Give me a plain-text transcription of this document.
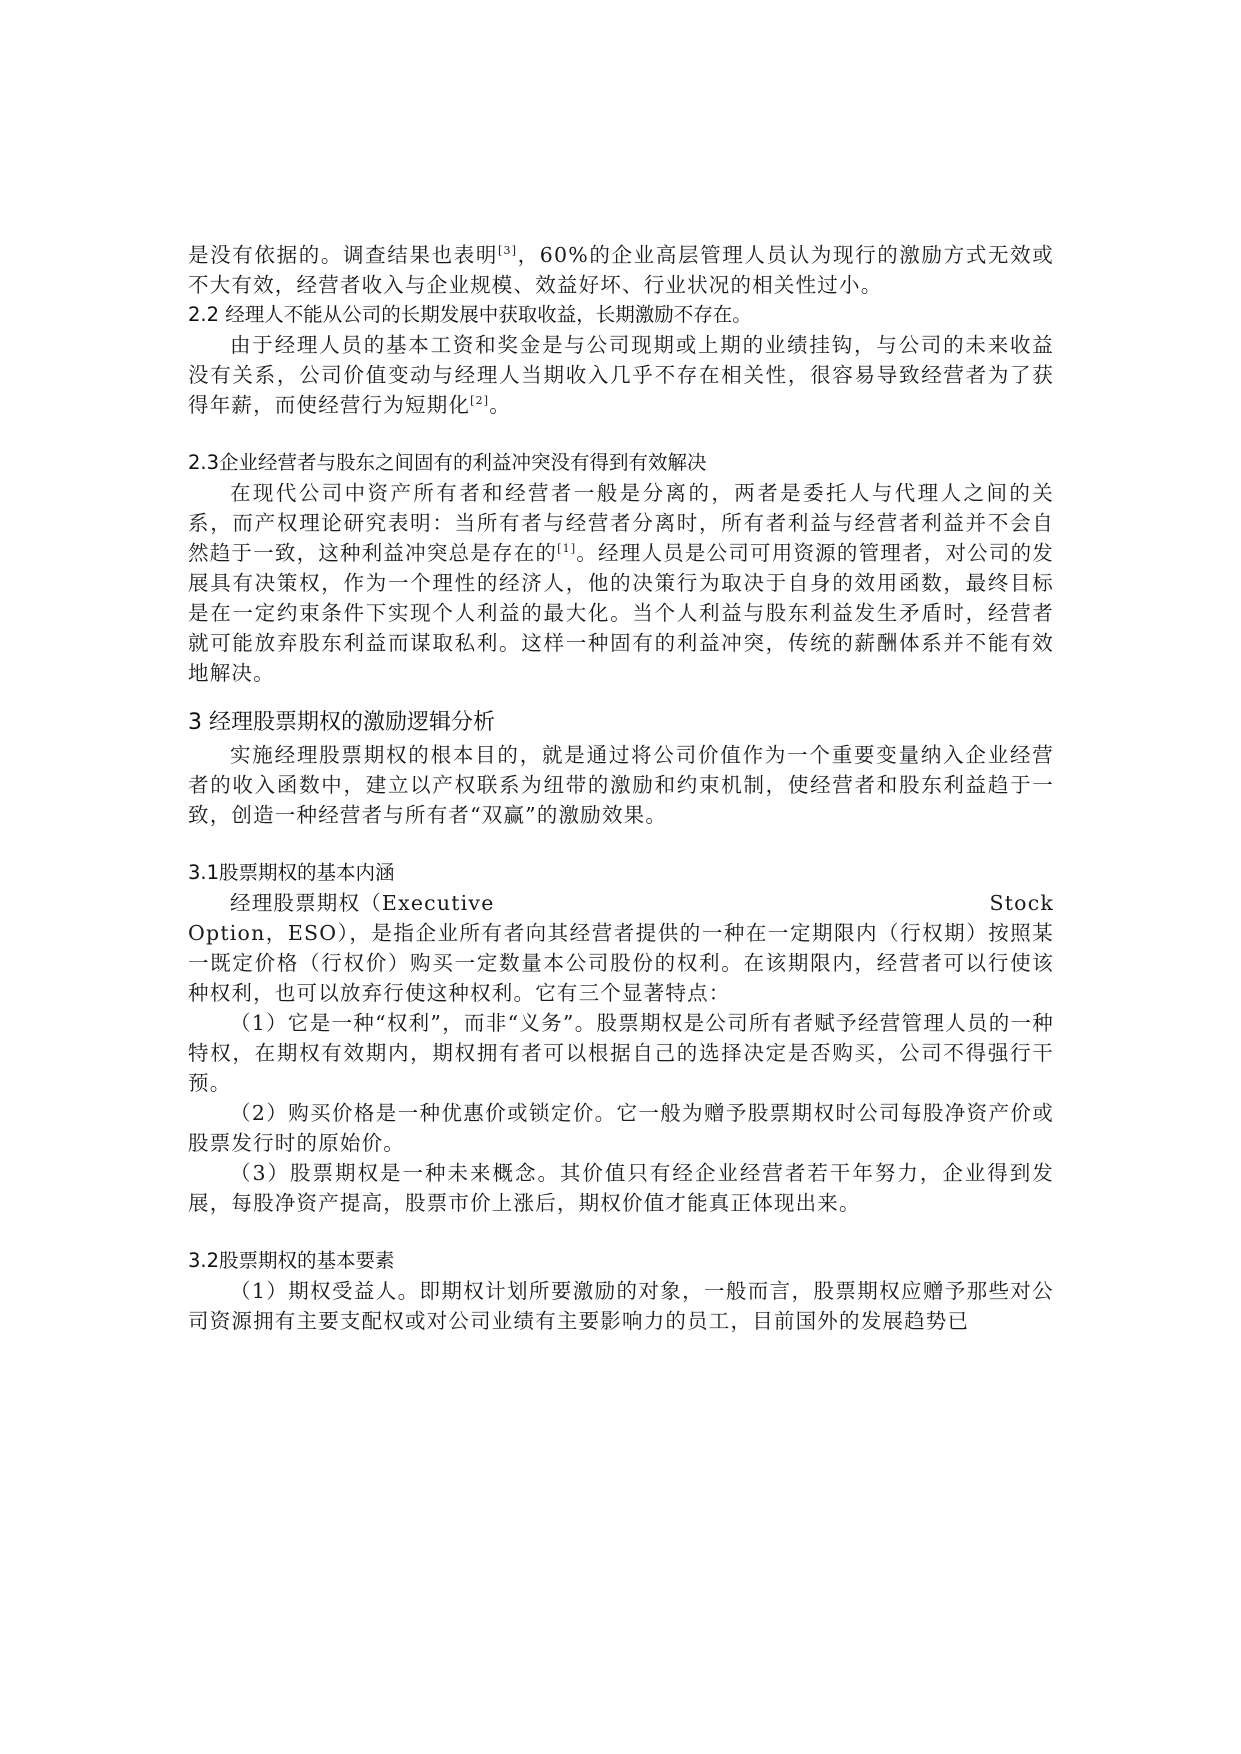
是没有依据的。调查结果也表明[3]，60%的企业高层管理人员认为现行的激励方式无效或不大有效，经营者收入与企业规模、效益好坏、行业状况的相关性过小。

2.2 经理人不能从公司的长期发展中获取收益，长期激励不存在。

由于经理人员的基本工资和奖金是与公司现期或上期的业绩挂钩，与公司的未来收益没有关系，公司价值变动与经理人当期收入几乎不存在相关性，很容易导致经营者为了获得年薪，而使经营行为短期化[2]。

2.3企业经营者与股东之间固有的利益冲突没有得到有效解决

在现代公司中资产所有者和经营者一般是分离的，两者是委托人与代理人之间的关系，而产权理论研究表明：当所有者与经营者分离时，所有者利益与经营者利益并不会自然趋于一致，这种利益冲突总是存在的[1]。经理人员是公司可用资源的管理者，对公司的发展具有决策权，作为一个理性的经济人，他的决策行为取决于自身的效用函数，最终目标是在一定约束条件下实现个人利益的最大化。当个人利益与股东利益发生矛盾时，经营者就可能放弃股东利益而谋取私利。这样一种固有的利益冲突，传统的薪酬体系并不能有效地解决。

3 经理股票期权的激励逻辑分析

实施经理股票期权的根本目的，就是通过将公司价值作为一个重要变量纳入企业经营者的收入函数中，建立以产权联系为纽带的激励和约束机制，使经营者和股东利益趋于一致，创造一种经营者与所有者“双赢”的激励效果。

3.1股票期权的基本内涵

经理股票期权（Executive	Stock

Option，ESO），是指企业所有者向其经营者提供的一种在一定期限内（行权期）按照某一既定价格（行权价）购买一定数量本公司股份的权利。在该期限内，经营者可以行使该种权利，也可以放弃行使这种权利。它有三个显著特点：

（1）它是一种“权利”，而非“义务”。股票期权是公司所有者赋予经营管理人员的一种特权，在期权有效期内，期权拥有者可以根据自己的选择决定是否购买，公司不得强行干预。

（2）购买价格是一种优惠价或锁定价。它一般为赠予股票期权时公司每股净资产价或股票发行时的原始价。

（3）股票期权是一种未来概念。其价值只有经企业经营者若干年努力，企业得到发展，每股净资产提高，股票市价上涨后，期权价值才能真正体现出来。

3.2股票期权的基本要素

（1）期权受益人。即期权计划所要激励的对象，一般而言，股票期权应赠予那些对公司资源拥有主要支配权或对公司业绩有主要影响力的员工，目前国外的发展趋势已
